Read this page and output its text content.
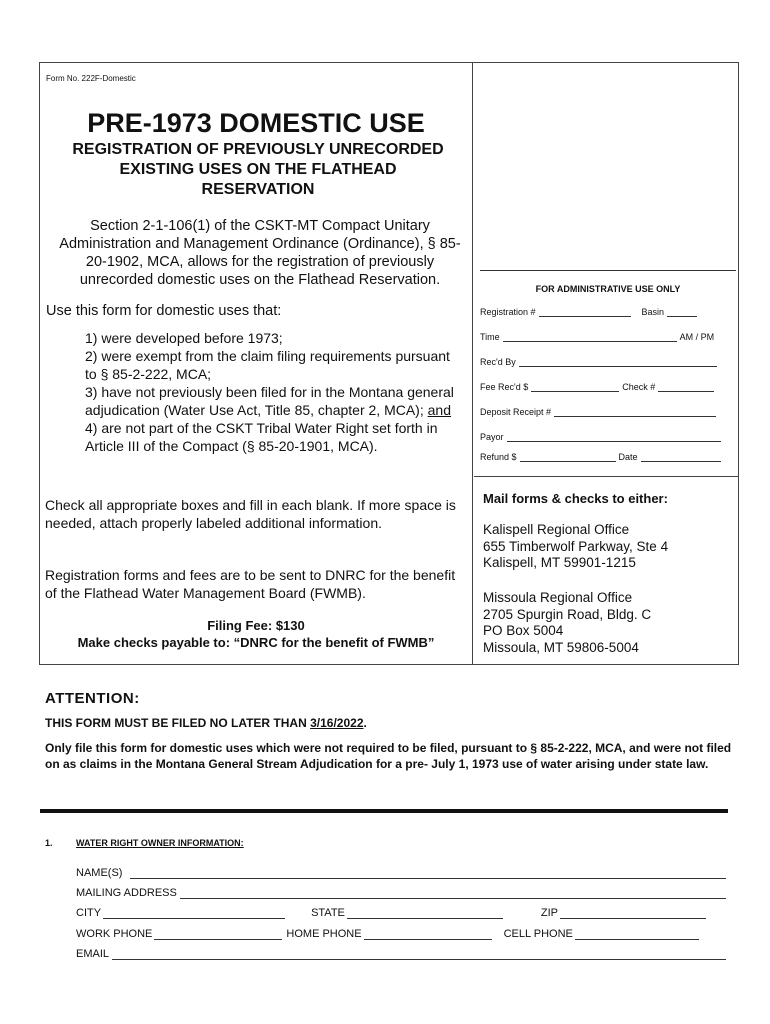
Form No. 222F-Domestic
PRE-1973 DOMESTIC USE
REGISTRATION OF PREVIOUSLY UNRECORDED
EXISTING USES ON THE FLATHEAD
RESERVATION
Section 2-1-106(1) of the CSKT-MT Compact Unitary Administration and Management Ordinance (Ordinance), § 85-20-1902, MCA, allows for the registration of previously unrecorded domestic uses on the Flathead Reservation.
Use this form for domestic uses that:
1) were developed before 1973;
2) were exempt from the claim filing requirements pursuant to § 85-2-222, MCA;
3) have not previously been filed for in the Montana general adjudication (Water Use Act, Title 85, chapter 2, MCA); and
4) are not part of the CSKT Tribal Water Right set forth in Article III of the Compact (§ 85-20-1901, MCA).
Check all appropriate boxes and fill in each blank. If more space is needed, attach properly labeled additional information.
Registration forms and fees are to be sent to DNRC for the benefit of the Flathead Water Management Board (FWMB).
Filing Fee: $130
Make checks payable to: “DNRC for the benefit of FWMB”
FOR ADMINISTRATIVE USE ONLY
Registration #	Basin
Time	AM / PM
Rec'd By
Fee Rec'd $	Check #
Deposit Receipt #
Payor
Refund $	Date
Mail forms & checks to either:
Kalispell Regional Office
655 Timberwolf Parkway, Ste 4
Kalispell, MT 59901-1215
Missoula Regional Office
2705 Spurgin Road, Bldg. C
PO Box 5004
Missoula, MT 59806-5004
ATTENTION:
THIS FORM MUST BE FILED NO LATER THAN 3/16/2022.
Only file this form for domestic uses which were not required to be filed, pursuant to § 85-2-222, MCA, and were not filed on as claims in the Montana General Stream Adjudication for a pre- July 1, 1973 use of water arising under state law.
1.	WATER RIGHT OWNER INFORMATION:
NAME(S)
MAILING ADDRESS
CITY	STATE	ZIP
WORK PHONE	HOME PHONE	CELL PHONE
EMAIL
